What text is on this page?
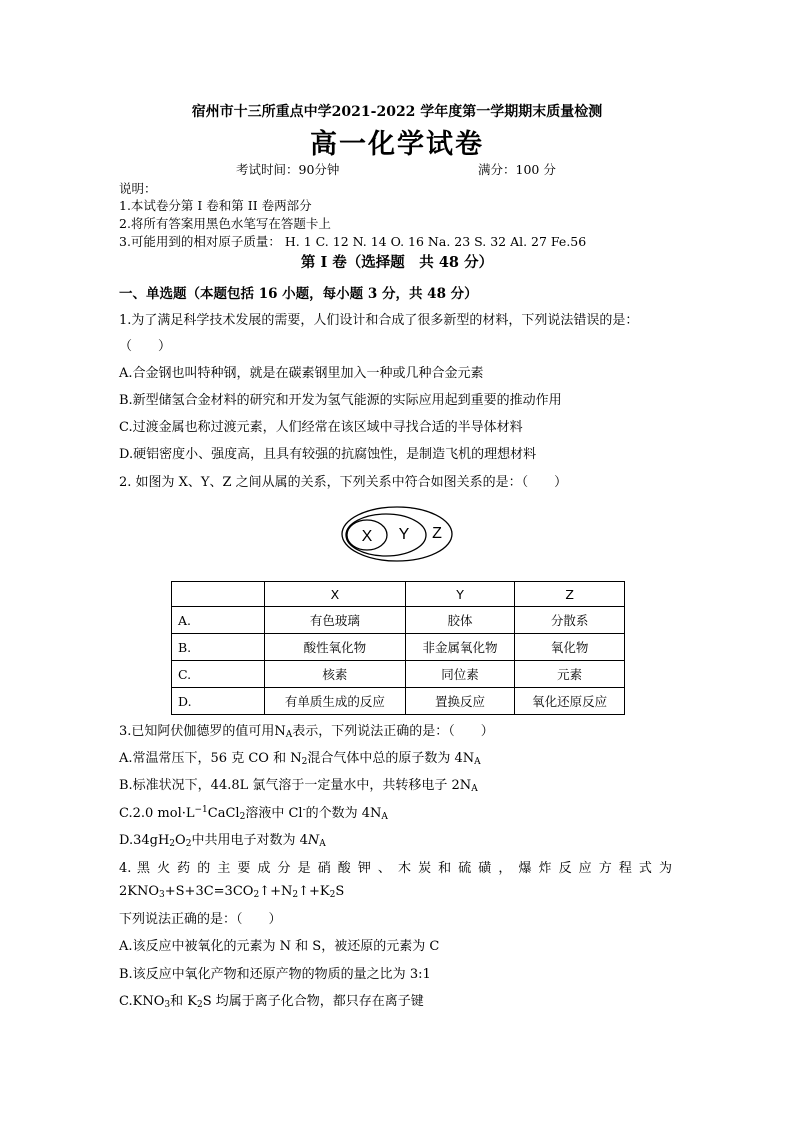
宿州市十三所重点中学2021-2022 学年度第一学期期末质量检测
高一化学试卷
考试时间：90分钟	满分：100 分
说明：
1.本试卷分第 I 卷和第 II 卷两部分
2.将所有答案用黑色水笔写在答题卡上
3.可能用到的相对原子质量： H. 1 C. 12 N. 14 O. 16 Na. 23 S. 32 Al. 27 Fe.56
第 I 卷（选择题　共 48 分）
一、单选题（本题包括 16 小题，每小题 3 分，共 48 分）
1.为了满足科学技术发展的需要，人们设计和合成了很多新型的材料，下列说法错误的是：
（　　）
A.合金钢也叫特种钢，就是在碳素钢里加入一种或几种合金元素
B.新型储氢合金材料的研究和开发为氢气能源的实际应用起到重要的推动作用
C.过渡金属也称过渡元素，人们经常在该区域中寻找合适的半导体材料
D.硬铝密度小、强度高，且具有较强的抗腐蚀性，是制造飞机的理想材料
2. 如图为 X、Y、Z 之间从属的关系，下列关系中符合如图关系的是：（　　）
X Y Z
	X	Y	Z
A.	有色玻璃	胶体	分散系
B.	酸性氧化物	非金属氧化物	氧化物
C.	核素	同位素	元素
D.	有单质生成的反应	置换反应	氧化还原反应
3.已知阿伏伽德罗的值可用$N_A$表示，下列说法正确的是：（　　）
A.常温常压下，56 克 CO 和 $N_2$混合气体中总的原子数为 $4N_A$
B.标准状况下，44.8L 氯气溶于一定量水中，共转移电子 $2N_A$
C.2.0 $mol\cdot L^{-1}CaCl_2$溶液中 Cl-的个数为 $4N_A$
$D.34gH_2O_2$中共用电子对数为 $4N_A$
4. 黑 火 药 的 主 要 成 分 是 硝 酸 钾 、 木 炭 和 硫 磺 ， 爆 炸 反 应 方 程 式 为
$2KNO_3+S+3C=3CO_2↑+N_2↑+K_2S$
下列说法正确的是：（　　）
A.该反应中被氧化的元素为 N 和 S，被还原的元素为 C
B.该反应中氧化产物和还原产物的物质的量之比为 3:1
$C.KNO_3$和 $K_2S$ 均属于离子化合物，都只存在离子键
